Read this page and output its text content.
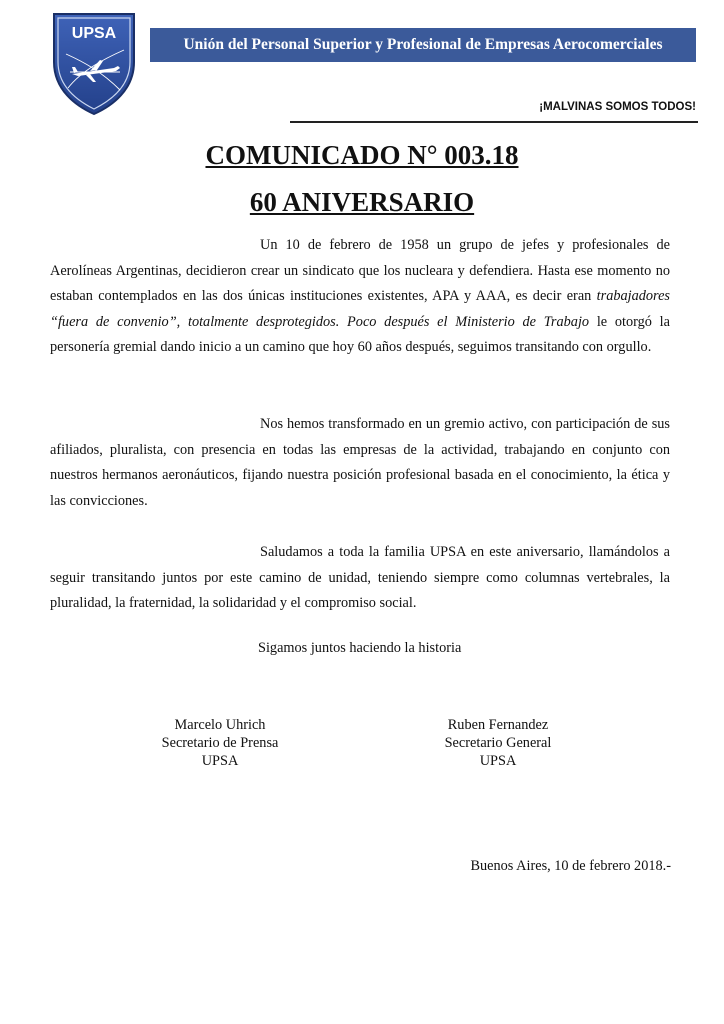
UPSA
Unión del Personal Superior y Profesional de Empresas Aerocomerciales
¡MALVINAS SOMOS TODOS!
COMUNICADO N° 003.18
60 ANIVERSARIO

Un 10 de febrero de 1958 un grupo de jefes y profesionales de Aerolíneas Argentinas, decidieron crear un sindicato que los nucleara y defendiera. Hasta ese momento no estaban contemplados en las dos únicas instituciones existentes, APA y AAA, es decir eran trabajadores “fuera de convenio”, totalmente desprotegidos. Poco después el Ministerio de Trabajo le otorgó la personería gremial dando inicio a un camino que hoy 60 años después, seguimos transitando con orgullo.

Nos hemos transformado en un gremio activo, con participación de sus afiliados, pluralista, con presencia en todas las empresas de la actividad, trabajando en conjunto con nuestros hermanos aeronáuticos, fijando nuestra posición profesional basada en el conocimiento, la ética y las convicciones.

Saludamos a toda la familia UPSA en este aniversario, llamándolos a seguir transitando juntos por este camino de unidad, teniendo siempre como columnas vertebrales, la pluralidad, la fraternidad, la solidaridad y el compromiso social.

Sigamos juntos haciendo la historia
Marcelo Uhrich
Secretario de Prensa
UPSA
Ruben Fernandez
Secretario General
UPSA
Buenos Aires, 10 de febrero 2018.-
